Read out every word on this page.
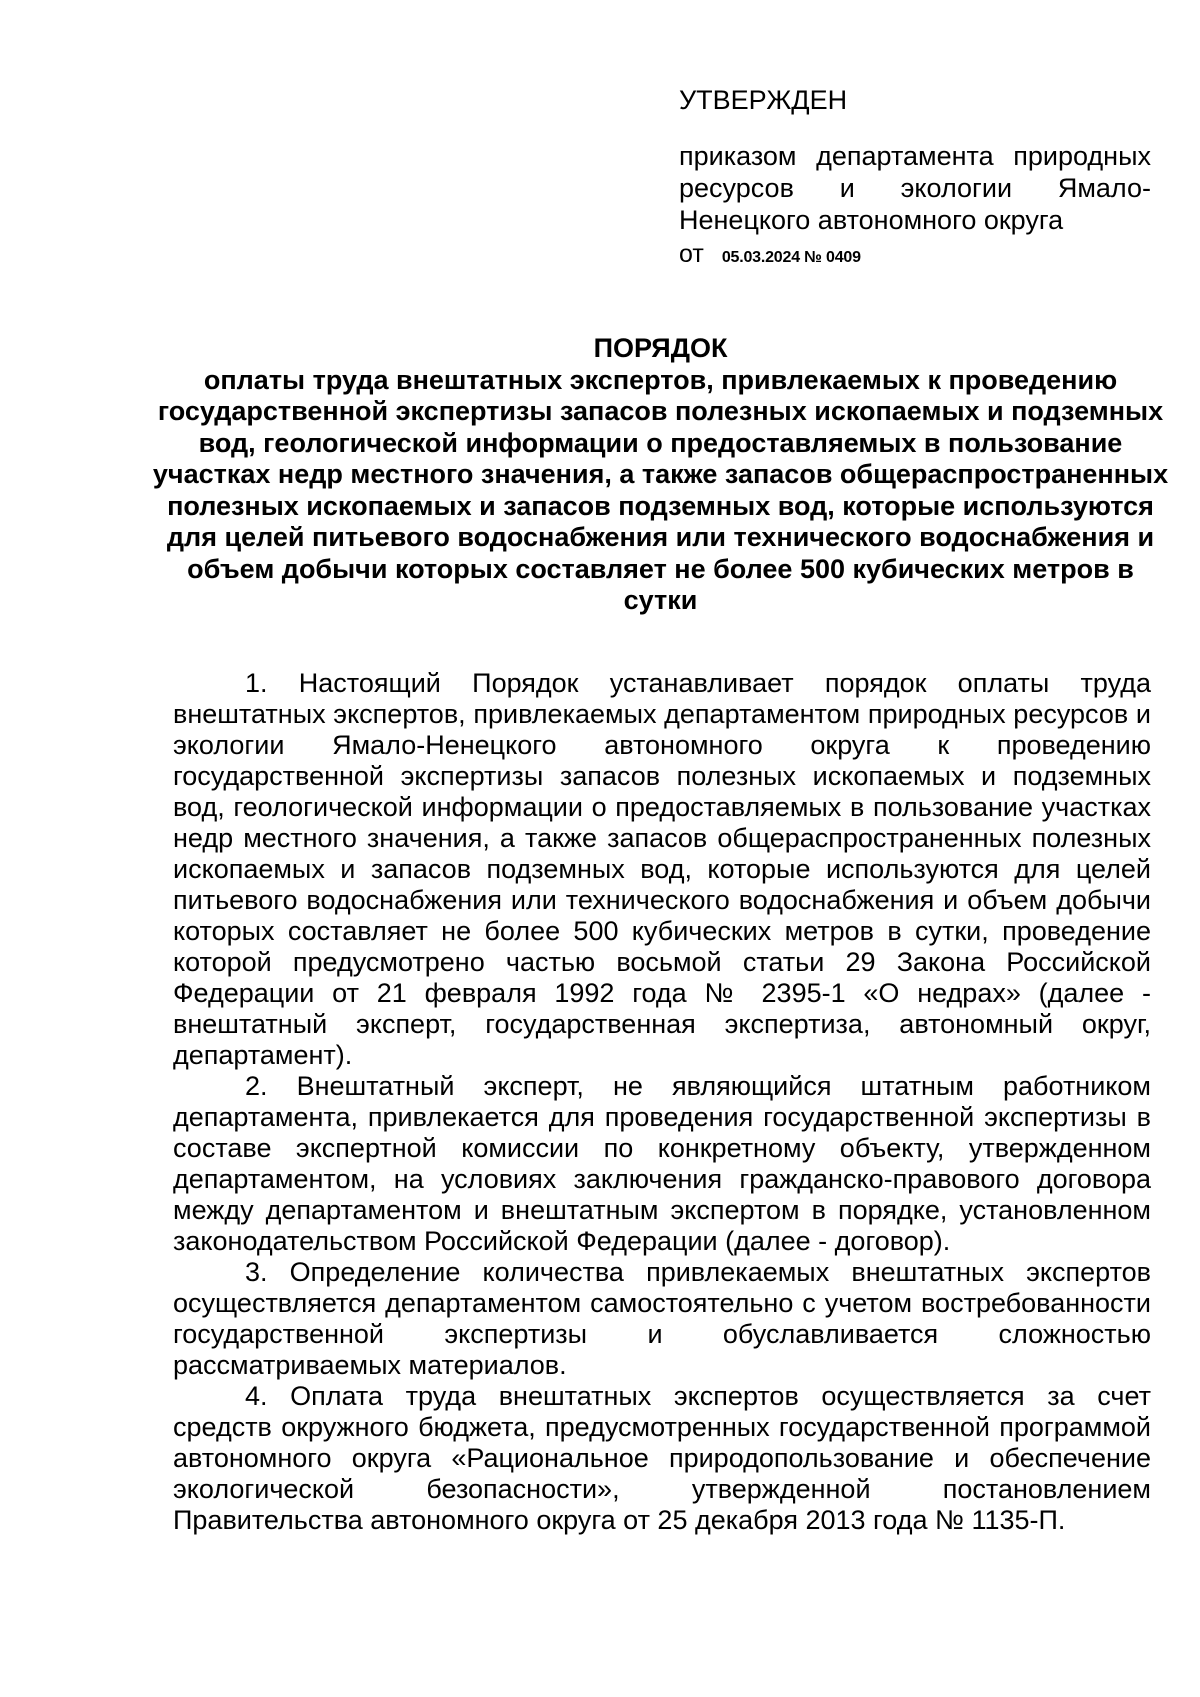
УТВЕРЖДЕН

приказом департамента природных ресурсов и экологии Ямало-Ненецкого автономного округа

от 05.03.2024 № 0409

ПОРЯДОК

оплаты труда внештатных экспертов, привлекаемых к проведению государственной экспертизы запасов полезных ископаемых и подземных вод, геологической информации о предоставляемых в пользование участках недр местного значения, а также запасов общераспространенных полезных ископаемых и запасов подземных вод, которые используются для целей питьевого водоснабжения или технического водоснабжения и объем добычи которых составляет не более 500 кубических метров в сутки

1. Настоящий Порядок устанавливает порядок оплаты труда внештатных экспертов, привлекаемых департаментом природных ресурсов и экологии Ямало-Ненецкого автономного округа к проведению государственной экспертизы запасов полезных ископаемых и подземных вод, геологической информации о предоставляемых в пользование участках недр местного значения, а также запасов общераспространенных полезных ископаемых и запасов подземных вод, которые используются для целей питьевого водоснабжения или технического водоснабжения и объем добычи которых составляет не более 500 кубических метров в сутки, проведение которой предусмотрено частью восьмой статьи 29 Закона Российской Федерации от 21 февраля 1992 года № 2395-1 «О недрах» (далее - внештатный эксперт, государственная экспертиза, автономный округ, департамент).

2. Внештатный эксперт, не являющийся штатным работником департамента, привлекается для проведения государственной экспертизы в составе экспертной комиссии по конкретному объекту, утвержденном департаментом, на условиях заключения гражданско-правового договора между департаментом и внештатным экспертом в порядке, установленном законодательством Российской Федерации (далее - договор).

3. Определение количества привлекаемых внештатных экспертов осуществляется департаментом самостоятельно с учетом востребованности государственной экспертизы и обуславливается сложностью рассматриваемых материалов.

4. Оплата труда внештатных экспертов осуществляется за счет средств окружного бюджета, предусмотренных государственной программой автономного округа «Рациональное природопользование и обеспечение экологической безопасности», утвержденной постановлением Правительства автономного округа от 25 декабря 2013 года № 1135-П.
